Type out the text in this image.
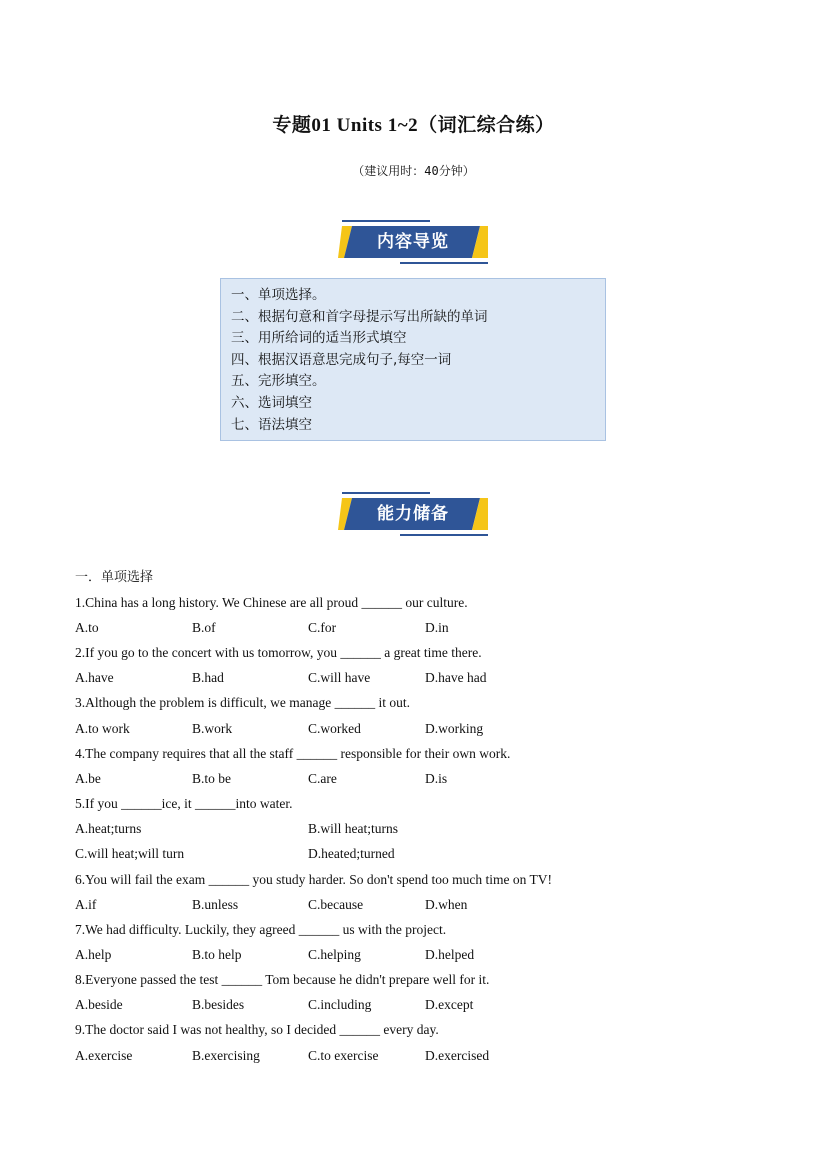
专题01 Units 1~2（词汇综合练）
（建议用时：40分钟）
内容导览
一、单项选择。
二、根据句意和首字母提示写出所缺的单词
三、用所给词的适当形式填空
四、根据汉语意思完成句子,每空一词
五、完形填空。
六、选词填空
七、语法填空
能力储备
一．单项选择
1.China has a long history. We Chinese are all proud ______ our culture.
A.to	B.of	C.for	D.in
2.If you go to the concert with us tomorrow, you ______ a great time there.
A.have	B.had	C.will have	D.have had
3.Although the problem is difficult, we manage ______ it out.
A.to work	B.work	C.worked	D.working
4.The company requires that all the staff ______ responsible for their own work.
A.be	B.to be	C.are	D.is
5.If you ______ice, it ______into water.
A.heat;turns	B.will heat;turns
C.will heat;will turn	D.heated;turned
6.You will fail the exam ______ you study harder. So don't spend too much time on TV!
A.if	B.unless	C.because	D.when
7.We had difficulty. Luckily, they agreed ______ us with the project.
A.help	B.to help	C.helping	D.helped
8.Everyone passed the test ______ Tom because he didn't prepare well for it.
A.beside	B.besides	C.including	D.except
9.The doctor said I was not healthy, so I decided ______ every day.
A.exercise	B.exercising	C.to exercise	D.exercised
